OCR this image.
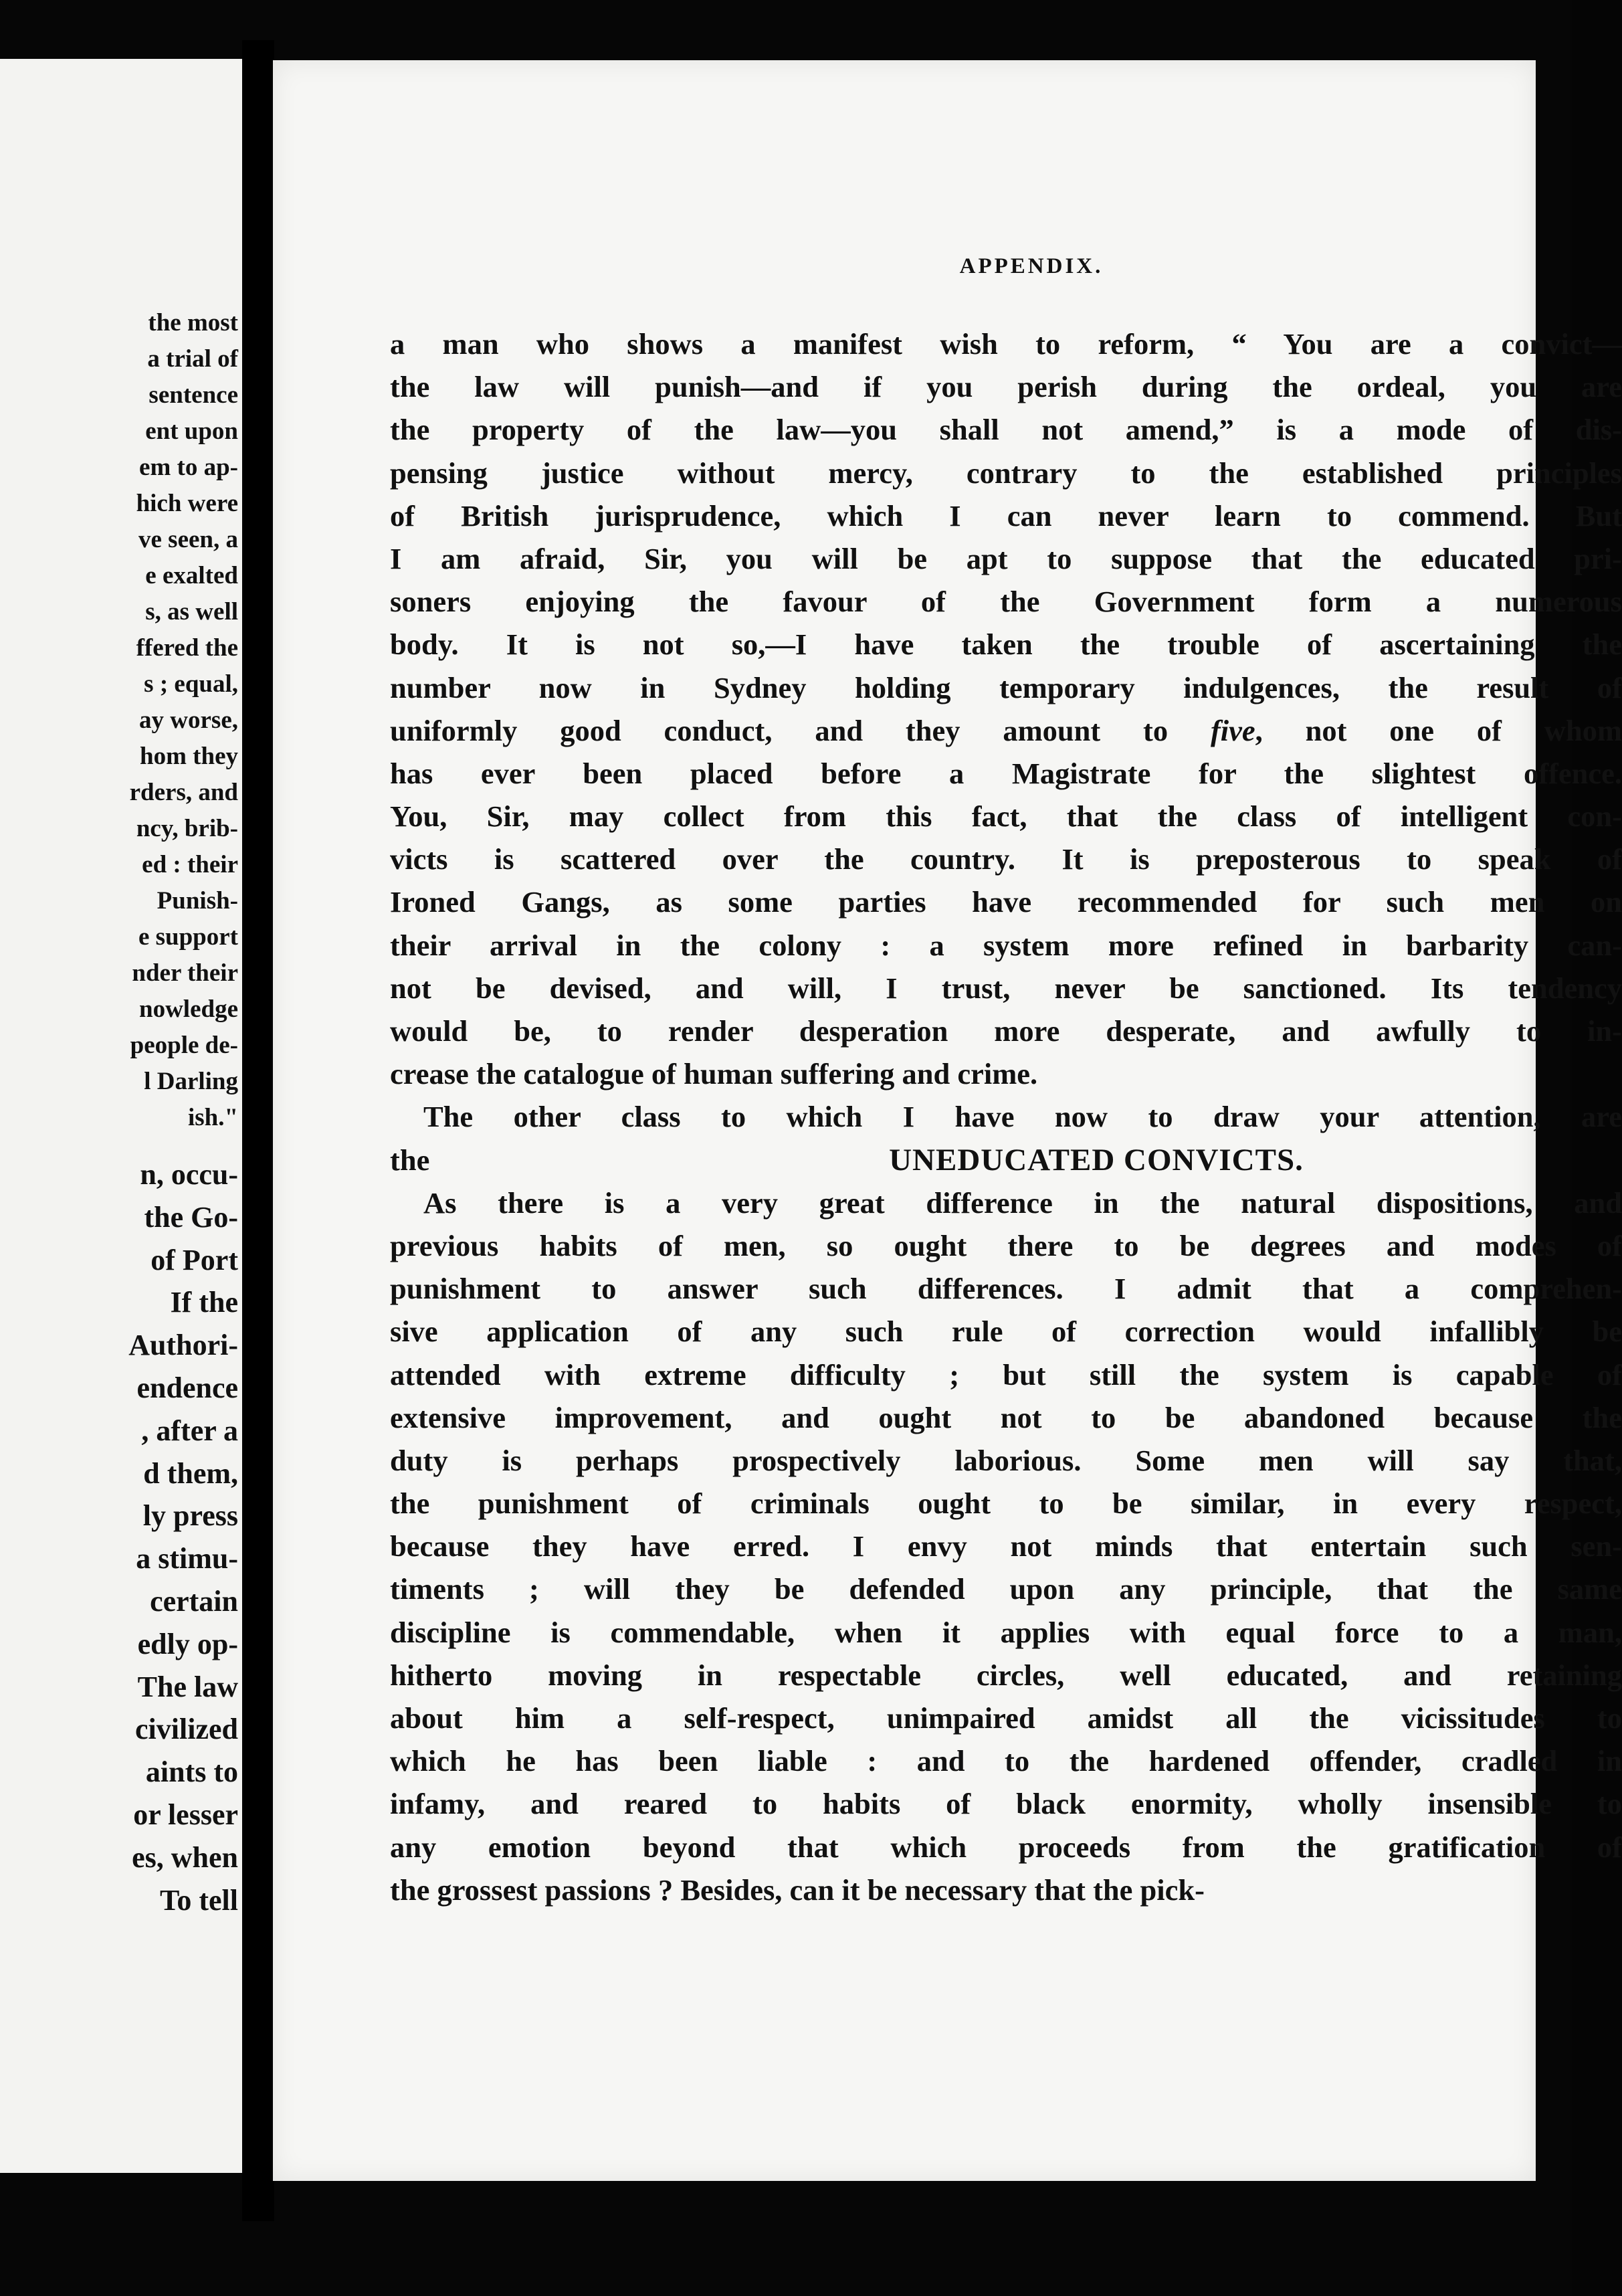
the most
a trial of
sentence
ent upon
em to ap-
hich were
ve seen, a
e exalted
s, as well
ffered the
s ; equal,
ay worse,
hom they
rders, and
ncy, brib-
ed : their
Punish-
e support
nder their
nowledge
people de-
l Darling
ish."
n, occu-
the Go-
of Port
If the
Authori-
endence
, after a
d them,
ly press
a stimu-
certain
edly op-
The law
civilized
aints to
or lesser
es, when
To tell
APPENDIX.
a man who shows a manifest wish to reform, “ You are a convict—
the law will punish—and if you perish during the ordeal, you are
the property of the law—you shall not amend,” is a mode of dis-
pensing justice without mercy, contrary to the established principles
of British jurisprudence, which I can never learn to commend. But
I am afraid, Sir, you will be apt to suppose that the educated pri-
soners enjoying the favour of the Government form a numerous
body. It is not so,—I have taken the trouble of ascertaining the
number now in Sydney holding temporary indulgences, the result of
uniformly good conduct, and they amount to five, not one of whom
has ever been placed before a Magistrate for the slightest offence.
You, Sir, may collect from this fact, that the class of intelligent con-
victs is scattered over the country. It is preposterous to speak of
Ironed Gangs, as some parties have recommended for such men on
their arrival in the colony : a system more refined in barbarity can-
not be devised, and will, I trust, never be sanctioned. Its tendency
would be, to render desperation more desperate, and awfully to in-
crease the catalogue of human suffering and crime.
The other class to which I have now to draw your attention, are
the	UNEDUCATED CONVICTS.
As there is a very great difference in the natural dispositions, and
previous habits of men, so ought there to be degrees and modes of
punishment to answer such differences. I admit that a comprehen-
sive application of any such rule of correction would infallibly be
attended with extreme difficulty ; but still the system is capable of
extensive improvement, and ought not to be abandoned because the
duty is perhaps prospectively laborious. Some men will say that,
the punishment of criminals ought to be similar, in every respect,
because they have erred. I envy not minds that entertain such sen-
timents ; will they be defended upon any principle, that the same
discipline is commendable, when it applies with equal force to a man,
hitherto moving in respectable circles, well educated, and retaining
about him a self-respect, unimpaired amidst all the vicissitudes to
which he has been liable : and to the hardened offender, cradled in
infamy, and reared to habits of black enormity, wholly insensible to
any emotion beyond that which proceeds from the gratification of
the grossest passions ? Besides, can it be necessary that the pick-
